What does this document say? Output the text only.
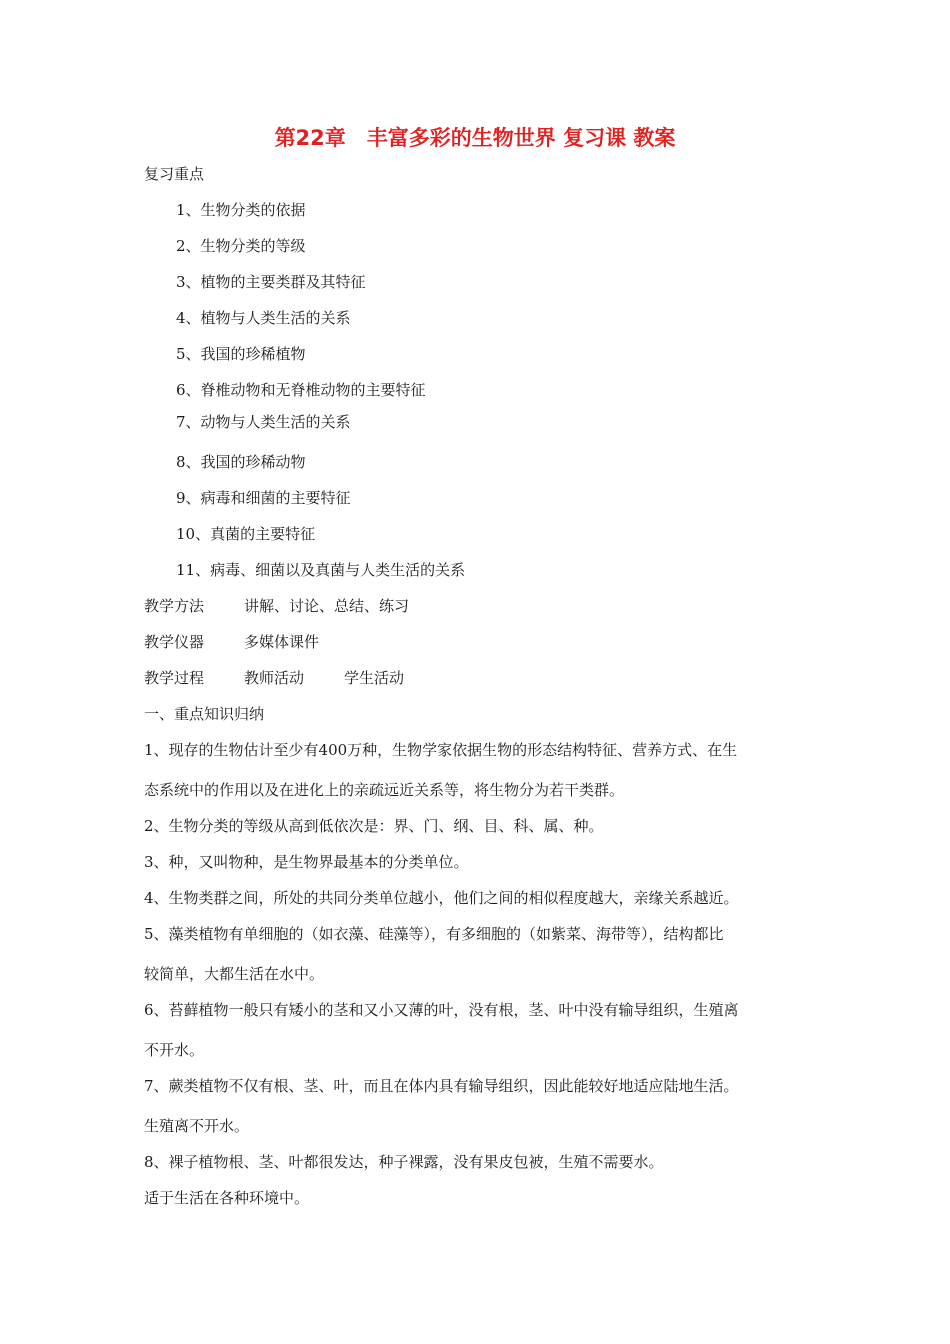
第22章　丰富多彩的生物世界 复习课 教案
复习重点
1、生物分类的依据
2、生物分类的等级
3、植物的主要类群及其特征
4、植物与人类生活的关系
5、我国的珍稀植物
6、脊椎动物和无脊椎动物的主要特征
7、动物与人类生活的关系
8、我国的珍稀动物
9、病毒和细菌的主要特征
10、真菌的主要特征
11、病毒、细菌以及真菌与人类生活的关系
教学方法	讲解、讨论、总结、练习
教学仪器	多媒体课件
教学过程	教师活动	学生活动
一、重点知识归纳
1、现存的生物估计至少有400万种，生物学家依据生物的形态结构特征、营养方式、在生
态系统中的作用以及在进化上的亲疏远近关系等，将生物分为若干类群。
2、生物分类的等级从高到低依次是：界、门、纲、目、科、属、种。
3、种，又叫物种，是生物界最基本的分类单位。
4、生物类群之间，所处的共同分类单位越小，他们之间的相似程度越大，亲缘关系越近。
5、藻类植物有单细胞的（如衣藻、硅藻等），有多细胞的（如紫菜、海带等），结构都比
较简单，大都生活在水中。
6、苔藓植物一般只有矮小的茎和又小又薄的叶，没有根，茎、叶中没有输导组织，生殖离
不开水。
7、蕨类植物不仅有根、茎、叶，而且在体内具有输导组织，因此能较好地适应陆地生活。
生殖离不开水。
8、裸子植物根、茎、叶都很发达，种子裸露，没有果皮包被，生殖不需要水。
适于生活在各种环境中。
